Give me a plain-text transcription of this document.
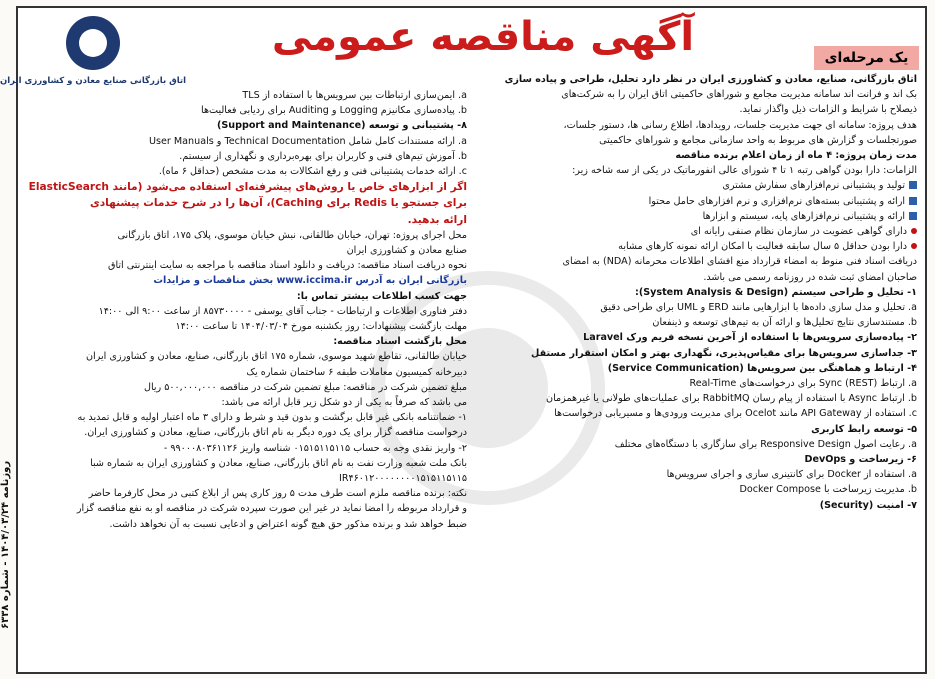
روزنامه ۱۴۰۴/۰۳/۲۴ - شماره ۶۳۳۸
اتاق بازرگانی صنایع معادن و کشاورزی ایران
آگهی مناقصه عمومی	یک مرحله‌ای
اتاق بازرگانی، صنایع، معادن و کشاورزی ایران در نظر دارد تحلیل، طراحی و پیاده سازی
بک اند و فرانت اند سامانه مدیریت مجامع و شوراهای حاکمیتی اتاق ایران را به شرکت‌های
ذیصلاح با شرایط و الزامات ذیل واگذار نماید.
هدف پروژه: سامانه ای جهت مدیریت جلسات، رویدادها، اطلاع رسانی ها، دستور جلسات،
صورتجلسات و گزارش های مربوط به واحد سازمانی مجامع و شوراهای حاکمیتی
مدت زمان پروژه: ۴ ماه از زمان اعلام برنده مناقصه
الزامات: دارا بودن گواهی رتبه ۱ تا ۴ شورای عالی انفورماتیک در یکی از سه شاخه زیر:
تولید و پشتیبانی نرم‌افزارهای سفارش مشتری
ارائه و پشتیبانی بسته‌های نرم‌افزاری و نرم افزارهای حامل محتوا
ارائه و پشتیبانی نرم‌افزارهای پایه، سیستم و ابزارها
دارای گواهی عضویت در سازمان نظام صنفی رایانه ای
دارا بودن حداقل ۵ سال سابقه فعالیت با امکان ارائه نمونه کارهای مشابه
دریافت اسناد فنی منوط به امضاء قرارداد منع افشای اطلاعات محرمانه (NDA) به امضای
صاحبان امضای ثبت شده در روزنامه رسمی می باشد.
۱- تحلیل و طراحی سیستم (System Analysis & Design):
a. تحلیل و مدل سازی داده‌ها با ابزارهایی مانند ERD و UML برای طراحی دقیق
b. مستندسازی نتایج تحلیل‌ها و ارائه آن به تیم‌های توسعه و ذینفعان
۲- پیاده‌سازی سرویس‌ها با استفاده از آخرین نسخه فریم ورک Laravel
۳- جداسازی سرویس‌ها برای مقیاس‌پذیری، نگهداری بهتر و امکان استقرار مستقل
۴- ارتباط و هماهنگی بین سرویس‌ها (Service Communication)
a. ارتباط Sync (REST) برای درخواست‌های Real-Time
b. ارتباط Async با استفاده از پیام رسان RabbitMQ برای عملیات‌های طولانی یا غیرهمزمان
c. استفاده از API Gateway مانند Ocelot برای مدیریت ورودی‌ها و مسیریابی درخواست‌ها
۵- توسعه رابط کاربری
a. رعایت اصول Responsive Design برای سازگاری با دستگاه‌های مختلف
۶- زیرساخت و DevOps
a. استفاده از Docker برای کانتینری سازی و اجرای سرویس‌ها
b. مدیریت زیرساخت با Docker Compose
۷- امنیت (Security)
a. ایمن‌سازی ارتباطات بین سرویس‌ها با استفاده از TLS
b. پیاده‌سازی مکانیزم Logging و Auditing برای ردیابی فعالیت‌ها
۸- پشتیبانی و توسعه (Support and Maintenance)
a. ارائه مستندات کامل شامل Technical Documentation و User Manuals
b. آموزش تیم‌های فنی و کاربران برای بهره‌برداری و نگهداری از سیستم.
c. ارائه خدمات پشتیبانی فنی و رفع اشکالات به مدت مشخص (حداقل ۶ ماه).
اگر از ابزارهای خاص یا روش‌های پیشرفته‌ای استفاده می‌شود (مانند ElasticSearch
برای جستجو یا Redis برای Caching)، آن‌ها را در شرح خدمات پیشنهادی
ارائه بدهید.
محل اجرای پروژه: تهران، خیابان طالقانی، نبش خیابان موسوی، پلاک ۱۷۵، اتاق بازرگانی
صنایع معادن و کشاورزی ایران
نحوه دریافت اسناد مناقصه: دریافت و دانلود اسناد مناقصه با مراجعه به سایت اینترنتی اتاق
بازرگانی ایران به آدرس www.iccima.ir بخش مناقصات و مزایدات
جهت کسب اطلاعات بیشتر تماس با:
دفتر فناوری اطلاعات و ارتباطات - جناب آقای یوسفی - ۸۵۷۳۰۰۰۰ از ساعت ۹:۰۰ الی ۱۴:۰۰
مهلت بازگشت پیشنهادات: روز یکشنبه مورخ ۱۴۰۴/۰۳/۰۴ تا ساعت ۱۴:۰۰
محل بازگشت اسناد مناقصه:
خیابان طالقانی، تقاطع شهید موسوی، شماره ۱۷۵ اتاق بازرگانی، صنایع، معادن و کشاورزی ایران
دبیرخانه کمیسیون معاملات طبقه ۶ ساختمان شماره یک
مبلغ تضمین شرکت در مناقصه: مبلغ تضمین شرکت در مناقصه ۵۰۰,۰۰۰,۰۰۰ ریال
می باشد که صرفاً به یکی از دو شکل زیر قابل ارائه می باشد:
۱- ضمانتنامه بانکی غیر قابل برگشت و بدون قید و شرط و دارای ۳ ماه اعتبار اولیه و قابل تمدید به
درخواست مناقصه گزار برای یک دوره دیگر به نام اتاق بازرگانی، صنایع، معادن و کشاورزی ایران.
۲- واریز نقدی وجه به حساب ۰۱۵۱۵۱۱۵۱۱۵ شناسه واریز ۹۹۰۰۰۸۰۳۶۱۱۲۶ -
بانک ملت شعبه وزارت نفت به نام اتاق بازرگانی، صنایع، معادن و کشاورزی ایران به شماره شبا
IR۴۶۰۱۲۰۰۰۰۰۰۰۰۱۵۱۵۱۱۵۱۱۵
نکته: برنده مناقصه ملزم است طرف مدت ۵ روز کاری پس از ابلاغ کتبی در محل کارفرما حاضر
و قرارداد مربوطه را امضا نماید در غیر این صورت سپرده شرکت در مناقصه او به نفع مناقصه گزار
ضبط خواهد شد و برنده مذکور حق هیچ گونه اعتراض و ادعایی نسبت به آن نخواهد داشت.
